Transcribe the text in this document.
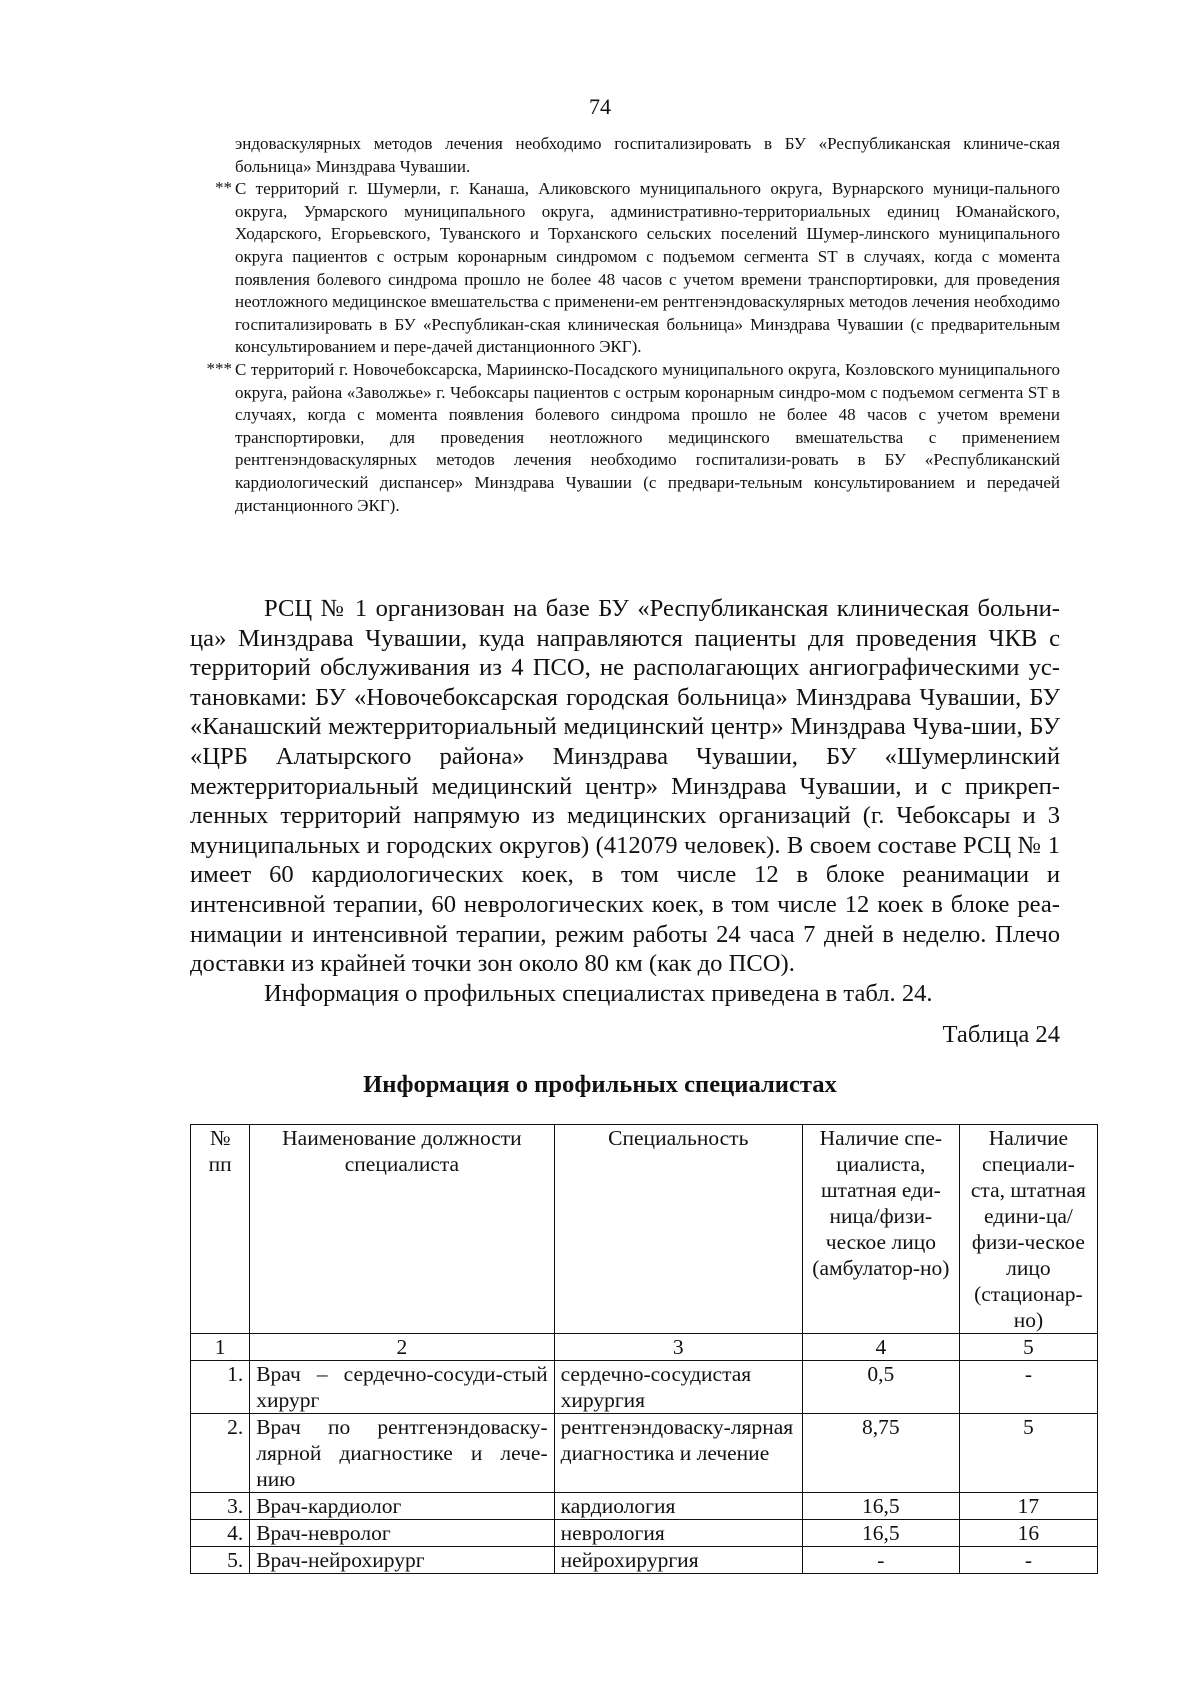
74
эндоваскулярных методов лечения необходимо госпитализировать в БУ «Республиканская клиниче-ская больница» Минздрава Чувашии.
** С территорий г. Шумерли, г. Канаша, Аликовского муниципального округа, Вурнарского муници-пального округа, Урмарского муниципального округа, административно-территориальных единиц Юманайского, Ходарского, Егорьевского, Туванского и Торханского сельских поселений Шумер-линского муниципального округа пациентов с острым коронарным синдромом с подъемом сегмента ST в случаях, когда с момента появления болевого синдрома прошло не более 48 часов с учетом времени транспортировки, для проведения неотложного медицинское вмешательства с применени-ем рентгенэндоваскулярных методов лечения необходимо госпитализировать в БУ «Республикан-ская клиническая больница» Минздрава Чувашии (с предварительным консультированием и пере-дачей дистанционного ЭКГ).
*** С территорий г. Новочебоксарска, Мариинско-Посадского муниципального округа, Козловского муниципального округа, района «Заволжье» г. Чебоксары пациентов с острым коронарным синдро-мом с подъемом сегмента ST в случаях, когда с момента появления болевого синдрома прошло не более 48 часов с учетом времени транспортировки, для проведения неотложного медицинского вмешательства с применением рентгенэндоваскулярных методов лечения необходимо госпитализи-ровать в БУ «Республиканский кардиологический диспансер» Минздрава Чувашии (с предвари-тельным консультированием и передачей дистанционного ЭКГ).

РСЦ № 1 организован на базе БУ «Республиканская клиническая больни-ца» Минздрава Чувашии, куда направляются пациенты для проведения ЧКВ с территорий обслуживания из 4 ПСО, не располагающих ангиографическими ус-тановками: БУ «Новочебоксарская городская больница» Минздрава Чувашии, БУ «Канашский межтерриториальный медицинский центр» Минздрава Чува-шии, БУ «ЦРБ Алатырского района» Минздрава Чувашии, БУ «Шумерлинский межтерриториальный медицинский центр» Минздрава Чувашии, и с прикреп-ленных территорий напрямую из медицинских организаций (г. Чебоксары и 3 муниципальных и городских округов) (412079 человек). В своем составе РСЦ № 1 имеет 60 кардиологических коек, в том числе 12 в блоке реанимации и интенсивной терапии, 60 неврологических коек, в том числе 12 коек в блоке реа-нимации и интенсивной терапии, режим работы 24 часа 7 дней в неделю. Плечо доставки из крайней точки зон около 80 км (как до ПСО).

Информация о профильных специалистах приведена в табл. 24.

Таблица 24
Информация о профильных специалистах
№ пп	Наименование должности специалиста	Специальность	Наличие спе-циалиста, штатная еди-ница/физи-ческое лицо (амбулатор-но)	Наличие специали-ста, штатная едини-ца/физи-ческое лицо (стационар-но)
1	2	3	4	5
1.	Врач – сердечно-сосуди-стый хирург	сердечно-сосудистая хирургия	0,5	-
2.	Врач по рентгенэндоваску-лярной диагностике и лече-нию	рентгенэндоваску-лярная диагностика и лечение	8,75	5
3.	Врач-кардиолог	кардиология	16,5	17
4.	Врач-невролог	неврология	16,5	16
5.	Врач-нейрохирург	нейрохирургия	-	-
